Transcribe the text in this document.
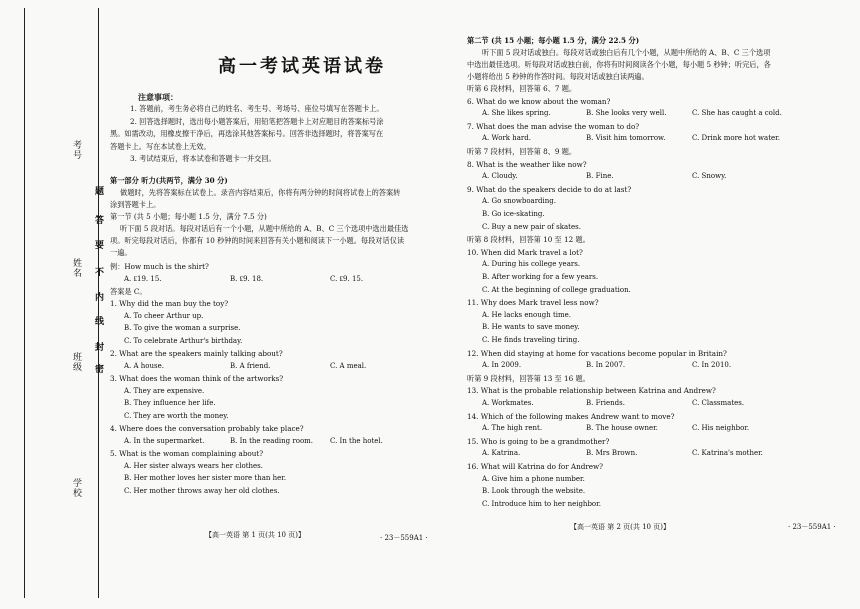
考号
题
答
要
不
内
线
封
密
姓名
班级
学校
高一考试英语试卷
注意事项：
1. 答题前，考生务必将自己的姓名、考生号、考场号、座位号填写在答题卡上。
2. 回答选择题时，选出每小题答案后，用铅笔把答题卡上对应题目的答案标号涂
黑。如需改动，用橡皮擦干净后，再选涂其他答案标号。回答非选择题时，将答案写在
答题卡上。写在本试卷上无效。
3. 考试结束后，将本试卷和答题卡一并交回。
第一部分 听力(共两节，满分 30 分)
做题时，先将答案标在试卷上。录音内容结束后，你将有两分钟的时间将试卷上的答案转
涂到答题卡上。
第一节 (共 5 小题；每小题 1.5 分，满分 7.5 分)
听下面 5 段对话。每段对话后有一个小题，从题中所给的 A、B、C 三个选项中选出最佳选
项。听完每段对话后，你都有 10 秒钟的时间来回答有关小题和阅读下一小题。每段对话仅读
一遍。
例：How much is the shirt?
A. ₤19. 15.	B. ₤9. 18.	C. ₤9. 15.
答案是 C。
1. Why did the man buy the toy?
A. To cheer Arthur up.
B. To give the woman a surprise.
C. To celebrate Arthur's birthday.
2. What are the speakers mainly talking about?
A. A house.	B. A friend.	C. A meal.
3. What does the woman think of the artworks?
A. They are expensive.
B. They influence her life.
C. They are worth the money.
4. Where does the conversation probably take place?
A. In the supermarket.	B. In the reading room. C. In the hotel.
5. What is the woman complaining about?
A. Her sister always wears her clothes.
B. Her mother loves her sister more than her.
C. Her mother throws away her old clothes.
【高一英语 第 1 页(共 10 页)】	· 23－559A1 ·
第二节 (共 15 小题；每小题 1.5 分，满分 22.5 分)
听下面 5 段对话或独白。每段对话或独白后有几个小题，从题中所给的 A、B、C 三个选项
中选出最佳选项。听每段对话或独白前，你将有时间阅读各个小题，每小题 5 秒钟；听完后，各
小题将给出 5 秒钟的作答时间。每段对话或独白读两遍。
听第 6 段材料，回答第 6、7 题。
6. What do we know about the woman?
A. She likes spring.	B. She looks very well.	C. She has caught a cold.
7. What does the man advise the woman to do?
A. Work hard.	B. Visit him tomorrow.	C. Drink more hot water.
听第 7 段材料，回答第 8、9 题。
8. What is the weather like now?
A. Cloudy.	B. Fine.	C. Snowy.
9. What do the speakers decide to do at last?
A. Go snowboarding.
B. Go ice-skating.
C. Buy a new pair of skates.
听第 8 段材料，回答第 10 至 12 题。
10. When did Mark travel a lot?
A. During his college years.
B. After working for a few years.
C. At the beginning of college graduation.
11. Why does Mark travel less now?
A. He lacks enough time.
B. He wants to save money.
C. He finds traveling tiring.
12. When did staying at home for vacations become popular in Britain?
A. In 2009.	B. In 2007.	C. In 2010.
听第 9 段材料，回答第 13 至 16 题。
13. What is the probable relationship between Katrina and Andrew?
A. Workmates.	B. Friends.	C. Classmates.
14. Which of the following makes Andrew want to move?
A. The high rent.	B. The house owner.	C. His neighbor.
15. Who is going to be a grandmother?
A. Katrina.	B. Mrs Brown.	C. Katrina's mother.
16. What will Katrina do for Andrew?
A. Give him a phone number.
B. Look through the website.
C. Introduce him to her neighbor.
【高一英语 第 2 页(共 10 页)】	· 23－559A1 ·
